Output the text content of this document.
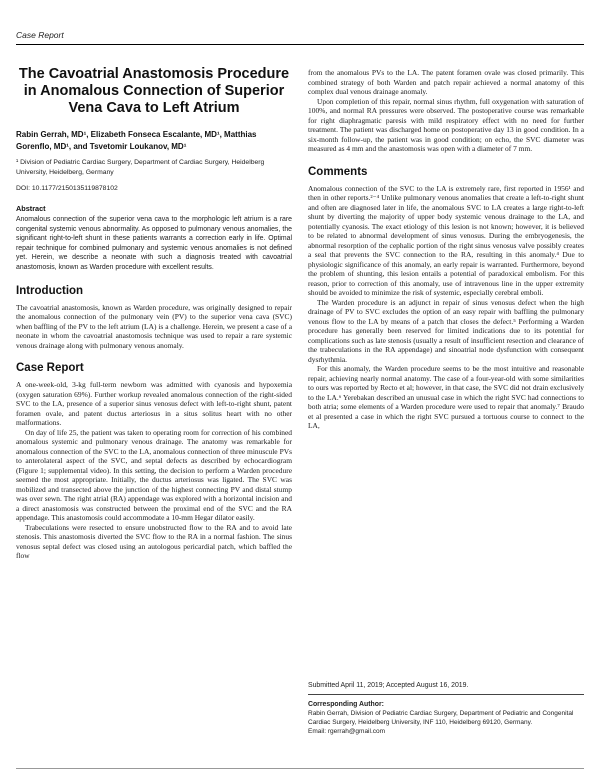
Case Report
The Cavoatrial Anastomosis Procedure in Anomalous Connection of Superior Vena Cava to Left Atrium
Rabin Gerrah, MD¹, Elizabeth Fonseca Escalante, MD¹, Matthias Gorenflo, MD¹, and Tsvetomir Loukanov, MD¹
¹ Division of Pediatric Cardiac Surgery, Department of Cardiac Surgery, Heidelberg University, Heidelberg, Germany
DOI: 10.1177/2150135119878102
Abstract
Anomalous connection of the superior vena cava to the morphologic left atrium is a rare congenital systemic venous abnormality. As opposed to pulmonary venous anomalies, the significant right-to-left shunt in these patients warrants a correction early in life. Optimal repair technique for combined pulmonary and systemic venous anomalies is not defined yet. Herein, we describe a neonate with such a diagnosis treated with cavoatrial anastomosis, known as Warden procedure with excellent results.
Introduction

The cavoatrial anastomosis, known as Warden procedure, was originally designed to repair the anomalous connection of the pulmonary vein (PV) to the superior vena cava (SVC) when baffling of the PV to the left atrium (LA) is a challenge. Herein, we present a case of a neonate in whom the cavoatrial anastomosis technique was used to repair a rare systemic venous drainage along with pulmonary venous anomaly.

Case Report

A one-week-old, 3-kg full-term newborn was admitted with cyanosis and hypoxemia (oxygen saturation 69%). Further workup revealed anomalous connection of the right-sided SVC to the LA, presence of a superior sinus venosus defect with left-to-right shunt, patent foramen ovale, and patent ductus arteriosus in a situs solitus heart with no other malformations.

On day of life 25, the patient was taken to operating room for correction of his combined anomalous systemic and pulmonary venous drainage. The anatomy was remarkable for anomalous connection of the SVC to the LA, anomalous connection of three minuscule PVs to anterolateral aspect of the SVC, and septal defects as described by echocardiogram (Figure 1; supplemental video). In this setting, the decision to perform a Warden procedure seemed the most appropriate. Initially, the ductus arteriosus was ligated. The SVC was mobilized and transected above the junction of the highest connecting PV and distal stump was over sewn. The right atrial (RA) appendage was explored with a horizontal incision and a direct anastomosis was constructed between the proximal end of the SVC and the RA appendage. This anastomosis could accommodate a 10-mm Hegar dilator easily.

Trabeculations were resected to ensure unobstructed flow to the RA and to avoid late stenosis. This anastomosis diverted the SVC flow to the RA in a normal fashion. The sinus venosus septal defect was closed using an autologous pericardial patch, which baffled the flow

from the anomalous PVs to the LA. The patent foramen ovale was closed primarily. This combined strategy of both Warden and patch repair achieved a normal anatomy of this complex dual venous drainage anomaly.

Upon completion of this repair, normal sinus rhythm, full oxygenation with saturation of 100%, and normal RA pressures were observed. The postoperative course was remarkable for right diaphragmatic paresis with mild respiratory effect with no need for further treatment. The patient was discharged home on postoperative day 13 in good condition. In a six-month follow-up, the patient was in good condition; on echo, the SVC diameter was measured as 4 mm and the anastomosis was open with a diameter of 7 mm.

Comments

Anomalous connection of the SVC to the LA is extremely rare, first reported in 1956¹ and then in other reports.²⁻⁴ Unlike pulmonary venous anomalies that create a left-to-right shunt and often are diagnosed later in life, the anomalous SVC to LA creates a large right-to-left shunt by diverting the majority of upper body systemic venous drainage to the LA, and potentially cyanosis. The exact etiology of this lesion is not known; however, it is believed to be related to abnormal development of sinus venosus. During the embryogenesis, the abnormal resorption of the cephalic portion of the right sinus venosus valve possibly creates a seal that prevents the SVC connection to the RA, resulting in this anomaly.⁴ Due to physiologic significance of this anomaly, an early repair is warranted. Furthermore, beyond the problem of shunting, this lesion entails a potential of paradoxical embolism. For this reason, prior to correction of this anomaly, use of intravenous line in the upper extremity should be avoided to minimize the risk of systemic, especially cerebral emboli.

The Warden procedure is an adjunct in repair of sinus venosus defect when the high drainage of PV to SVC excludes the option of an easy repair with baffling the pulmonary venous flow to the LA by means of a patch that closes the defect.⁵ Performing a Warden procedure has generally been reserved for limited indications due to its potential for complications such as late stenosis (usually a result of insufficient resection and clearance of the trabeculations in the RA appendage) and sinoatrial node dysfunction with consequent dysrhythmia.

For this anomaly, the Warden procedure seems to be the most intuitive and reasonable repair, achieving nearly normal anatomy. The case of a four-year-old with some similarities to ours was reported by Recto et al; however, in that case, the SVC did not drain exclusively to the LA.⁶ Yerebakan described an unusual case in which the right SVC had connections to both atria; some elements of a Warden procedure were used to repair that anomaly.⁷ Braudo et al presented a case in which the right SVC pursued a tortuous course to connect to the LA,

Submitted April 11, 2019; Accepted August 16, 2019.
Corresponding Author:
Rabin Gerrah, Division of Pediatric Cardiac Surgery, Department of Pediatric and Congenital Cardiac Surgery, Heidelberg University, INF 110, Heidelberg 69120, Germany.
Email: rgerrah@gmail.com
